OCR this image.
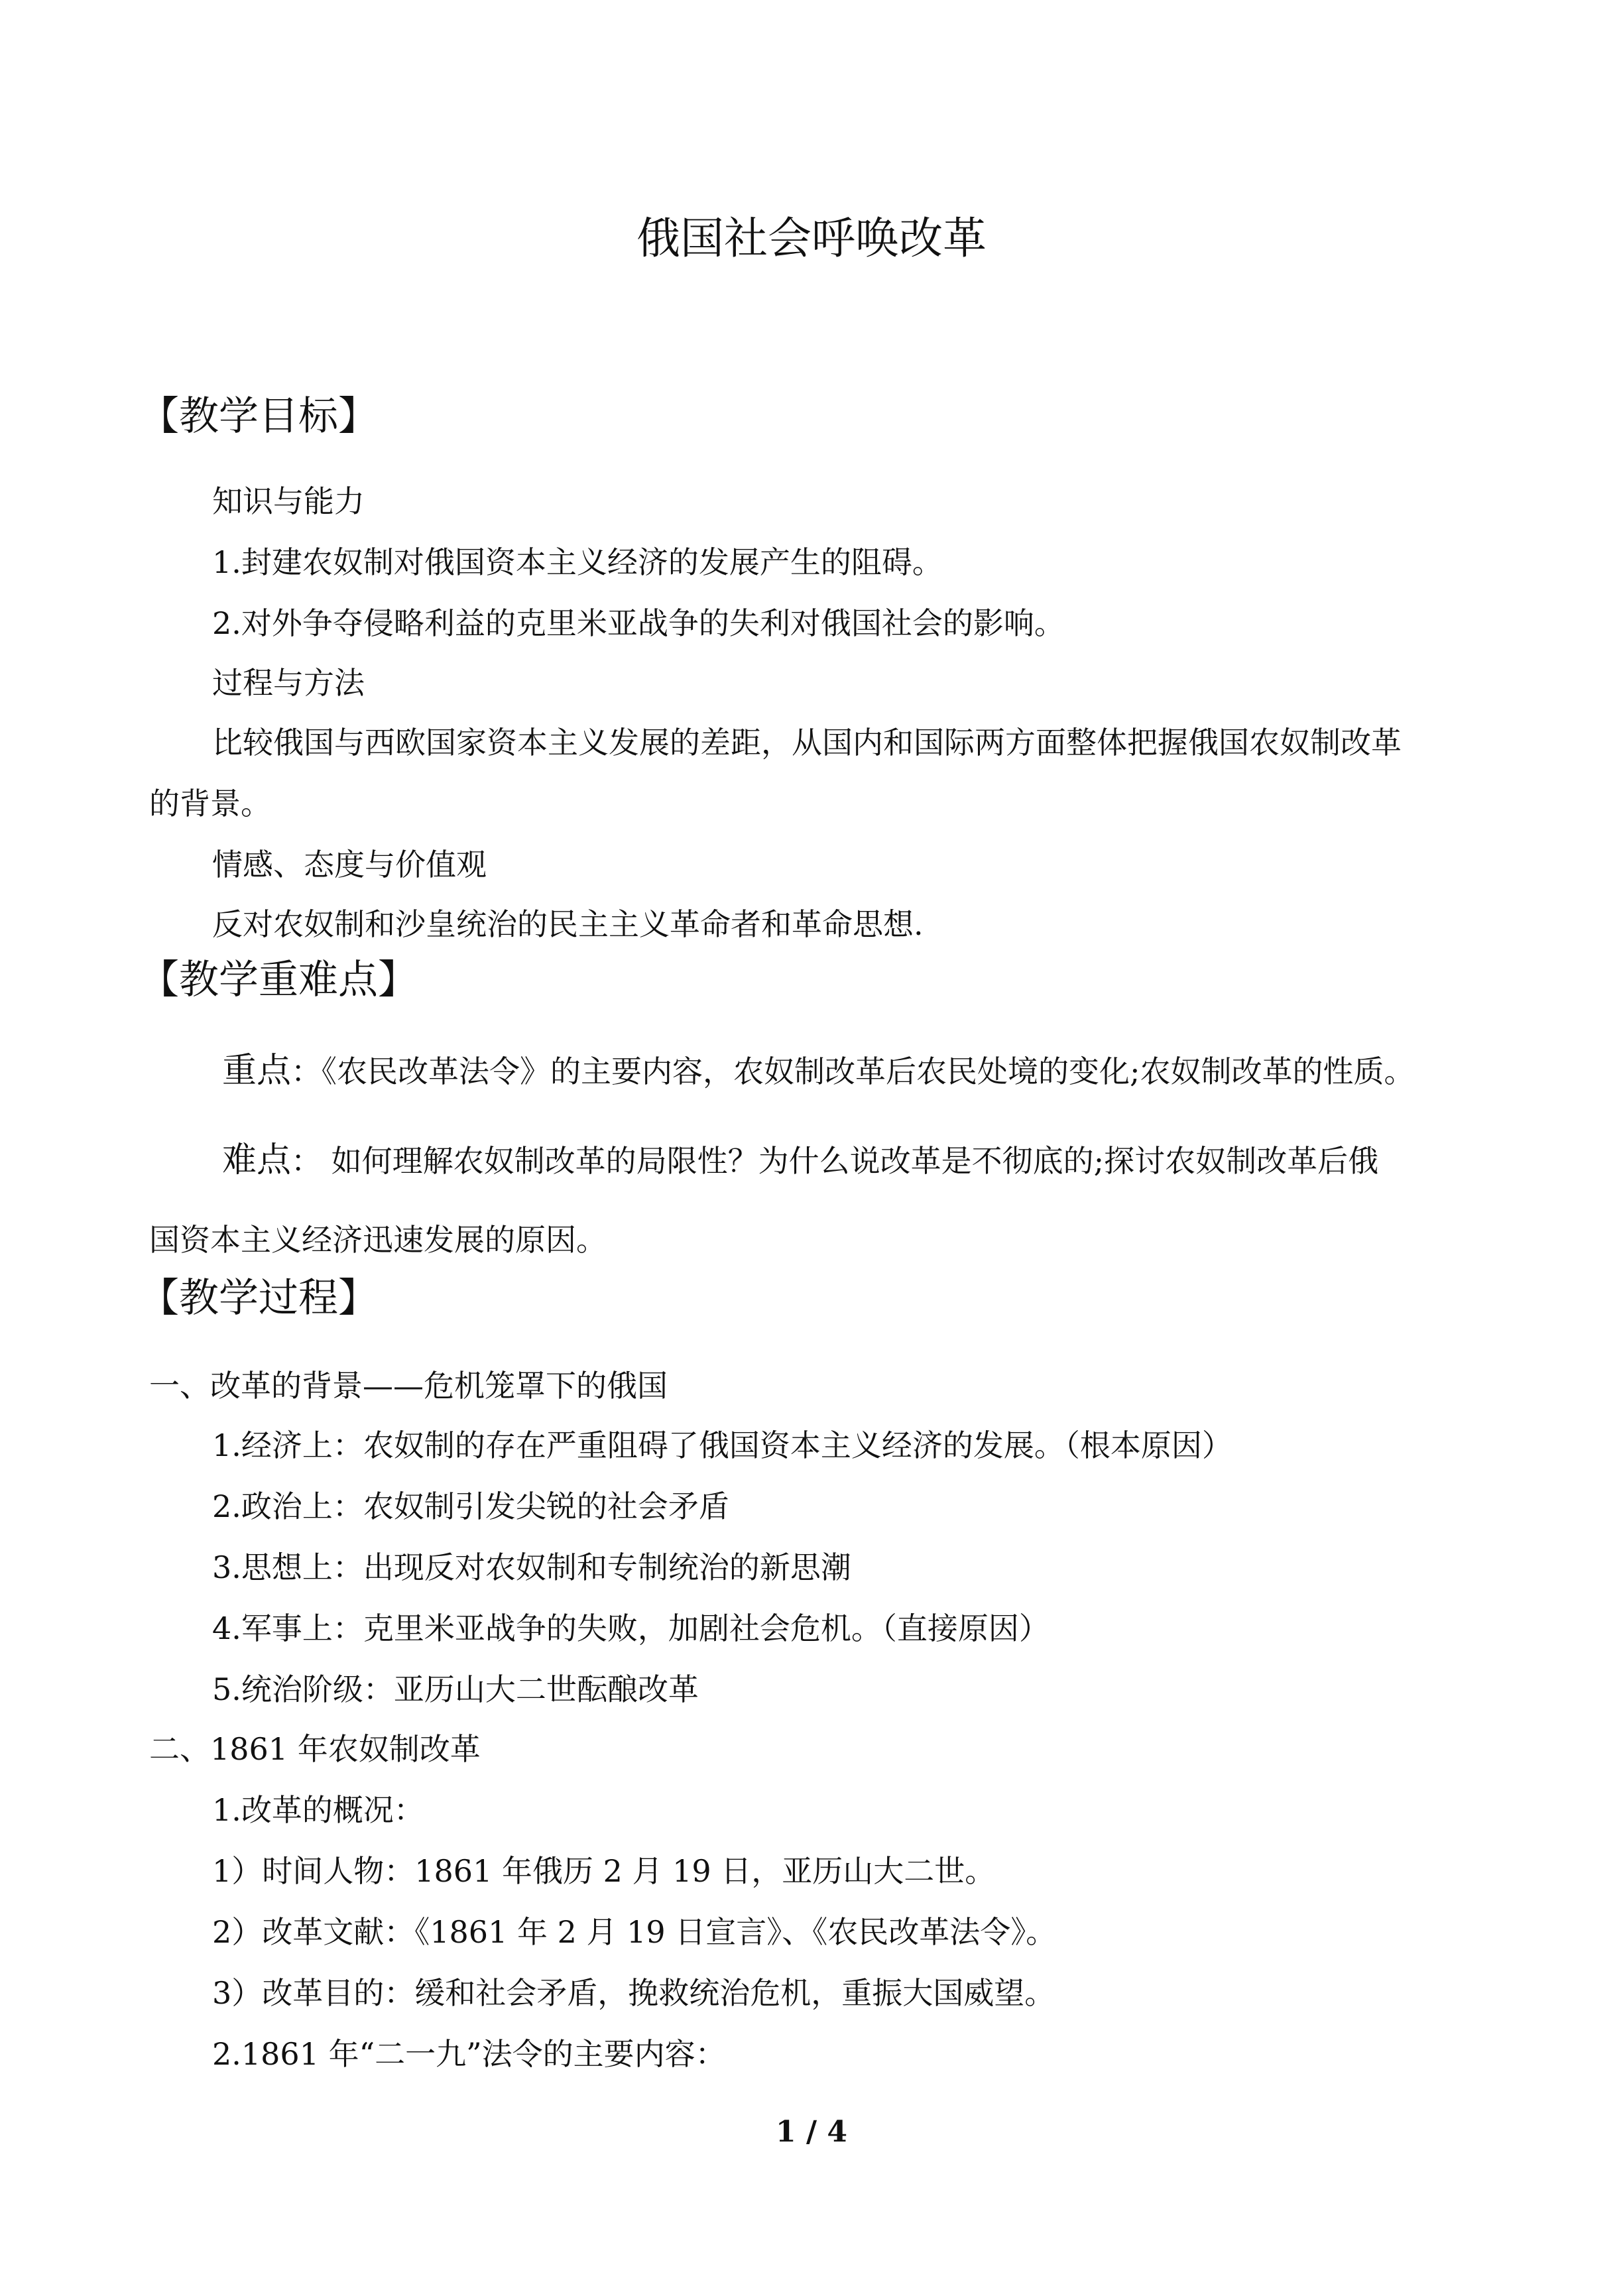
俄国社会呼唤改革
【教学目标】
知识与能力
1.封建农奴制对俄国资本主义经济的发展产生的阻碍。
2.对外争夺侵略利益的克里米亚战争的失利对俄国社会的影响。
过程与方法
比较俄国与西欧国家资本主义发展的差距，从国内和国际两方面整体把握俄国农奴制改革
的背景。
情感、态度与价值观
反对农奴制和沙皇统治的民主主义革命者和革命思想.
【教学重难点】
重点：《农民改革法令》的主要内容，农奴制改革后农民处境的变化;农奴制改革的性质。
难点： 如何理解农奴制改革的局限性？为什么说改革是不彻底的;探讨农奴制改革后俄
国资本主义经济迅速发展的原因。
【教学过程】
一、改革的背景——危机笼罩下的俄国
1.经济上：农奴制的存在严重阻碍了俄国资本主义经济的发展。（根本原因）
2.政治上：农奴制引发尖锐的社会矛盾
3.思想上：出现反对农奴制和专制统治的新思潮
4.军事上：克里米亚战争的失败，加剧社会危机。（直接原因）
5.统治阶级：亚历山大二世酝酿改革
二、1861 年农奴制改革
1.改革的概况：
1）时间人物：1861 年俄历 2 月 19 日，亚历山大二世。
2）改革文献：《1861 年 2 月 19 日宣言》、《农民改革法令》。
3）改革目的：缓和社会矛盾，挽救统治危机，重振大国威望。
2.1861 年“二一九”法令的主要内容：
1 / 4
